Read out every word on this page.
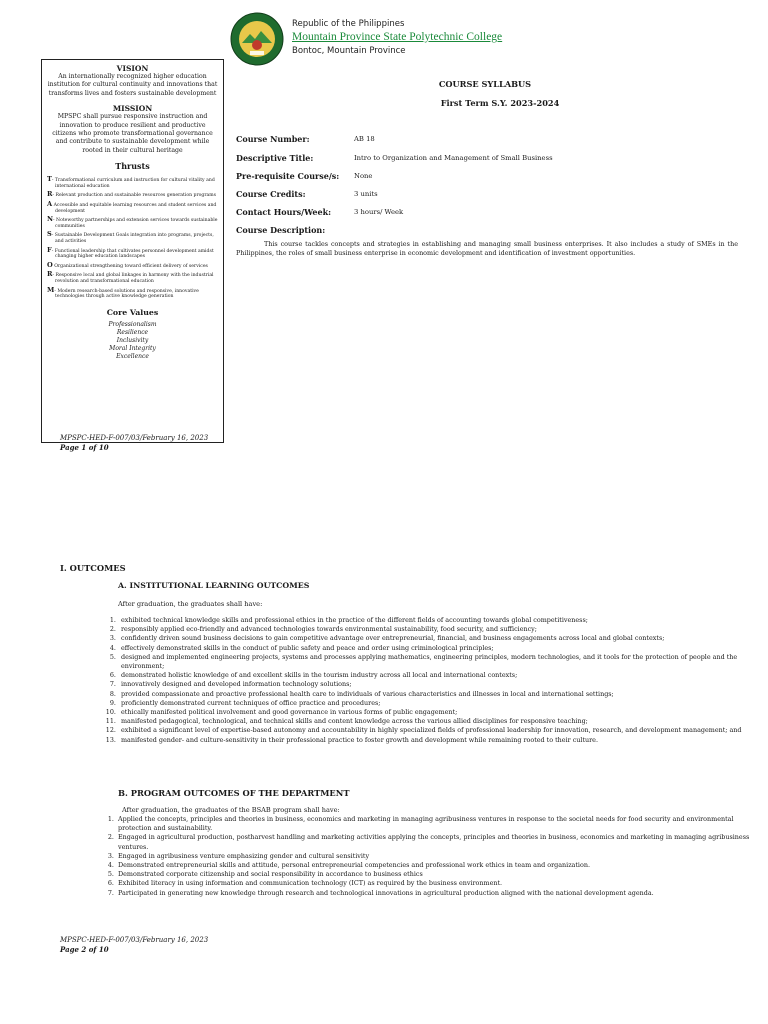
Republic of the Philippines
Mountain Province State Polytechnic College
Bontoc, Mountain Province

VISION

An internationally recognized higher education institution for cultural continuity and innovations that transforms lives and fosters sustainable development

MISSION

MPSPC shall pursue responsive instruction and innovation to produce resilient and productive citizens who promote transformational governance and contribute to sustainable development while rooted in their cultural heritage

Thrusts

T- Transformational curriculum and instruction for cultural vitality and international education

R- Relevant production and sustainable resources generation programs

A Accessible and equitable learning resources and student services and development

N- Noteworthy partnerships and extension services towards sustainable communities

S- Sustainable Development Goals integration into programs, projects, and activities

F- Functional leadership that cultivates personnel development amidst changing higher education landscapes

O Organizational strengthening toward efficient delivery of services

R- Responsive local and global linkages in harmony with the industrial revolution and transformational education

M- Modern research-based solutions and responsive, innovative technologies through active knowledge generation

Core Values

Professionalism
Resilience
Inclusivity
Moral Integrity
Excellence
MPSPC-HED-F-007/03/February 16, 2023
Page 1 of 10
COURSE SYLLABUS
First Term S.Y. 2023-2024
Course Number:	AB 18
Descriptive Title:	Intro to Organization and Management of Small Business
Pre-requisite Course/s: None
Course Credits:	3 units
Contact Hours/Week:	3 hours/ Week
Course Description:
This course tackles concepts and strategies in establishing and managing small business enterprises. It also includes a study of SMEs in the Philippines, the roles of small business enterprise in economic development and identification of investment opportunities.
I. OUTCOMES
A. INSTITUTIONAL LEARNING OUTCOMES
After graduation, the graduates shall have:
1. exhibited technical knowledge skills and professional ethics in the practice of the different fields of accounting towards global competitiveness;
2. responsibly applied eco-friendly and advanced technologies towards environmental sustainability, food security, and sufficiency;
3. confidently driven sound business decisions to gain competitive advantage over entrepreneurial, financial, and business engagements across local and global contexts;
4. effectively demonstrated skills in the conduct of public safety and peace and order using criminological principles;
5. designed and implemented engineering projects, systems and processes applying mathematics, engineering principles, modern technologies, and it tools for the protection of people and the environment;
6. demonstrated holistic knowledge of and excellent skills in the tourism industry across all local and international contexts;
7. innovatively designed and developed information technology solutions;
8. provided compassionate and proactive professional health care to individuals of various characteristics and illnesses in local and international settings;
9. proficiently demonstrated current techniques of office practice and procedures;
10. ethically manifested political involvement and good governance in various forms of public engagement;
11. manifested pedagogical, technological, and technical skills and content knowledge across the various allied disciplines for responsive teaching;
12. exhibited a significant level of expertise-based autonomy and accountability in highly specialized fields of professional leadership for innovation, research, and development management; and
13. manifested gender- and culture-sensitivity in their professional practice to foster growth and development while remaining rooted to their culture.
B. PROGRAM OUTCOMES OF THE DEPARTMENT
After graduation, the graduates of the BSAB program shall have:
1. Applied the concepts, principles and theories in business, economics and marketing in managing agribusiness ventures in response to the societal needs for food security and environmental protection and sustainability.
2. Engaged in agricultural production, postharvest handling and marketing activities applying the concepts, principles and theories in business, economics and marketing in managing agribusiness ventures.
3. Engaged in agribusiness venture emphasizing gender and cultural sensitivity
4. Demonstrated entrepreneurial skills and attitude, personal entrepreneurial competencies and professional work ethics in team and organization.
5. Demonstrated corporate citizenship and social responsibility in accordance to business ethics
6. Exhibited literacy in using information and communication technology (ICT) as required by the business environment.
7. Participated in generating new knowledge through research and technological innovations in agricultural production aligned with the national development agenda.
MPSPC-HED-F-007/03/February 16, 2023
Page 2 of 10
